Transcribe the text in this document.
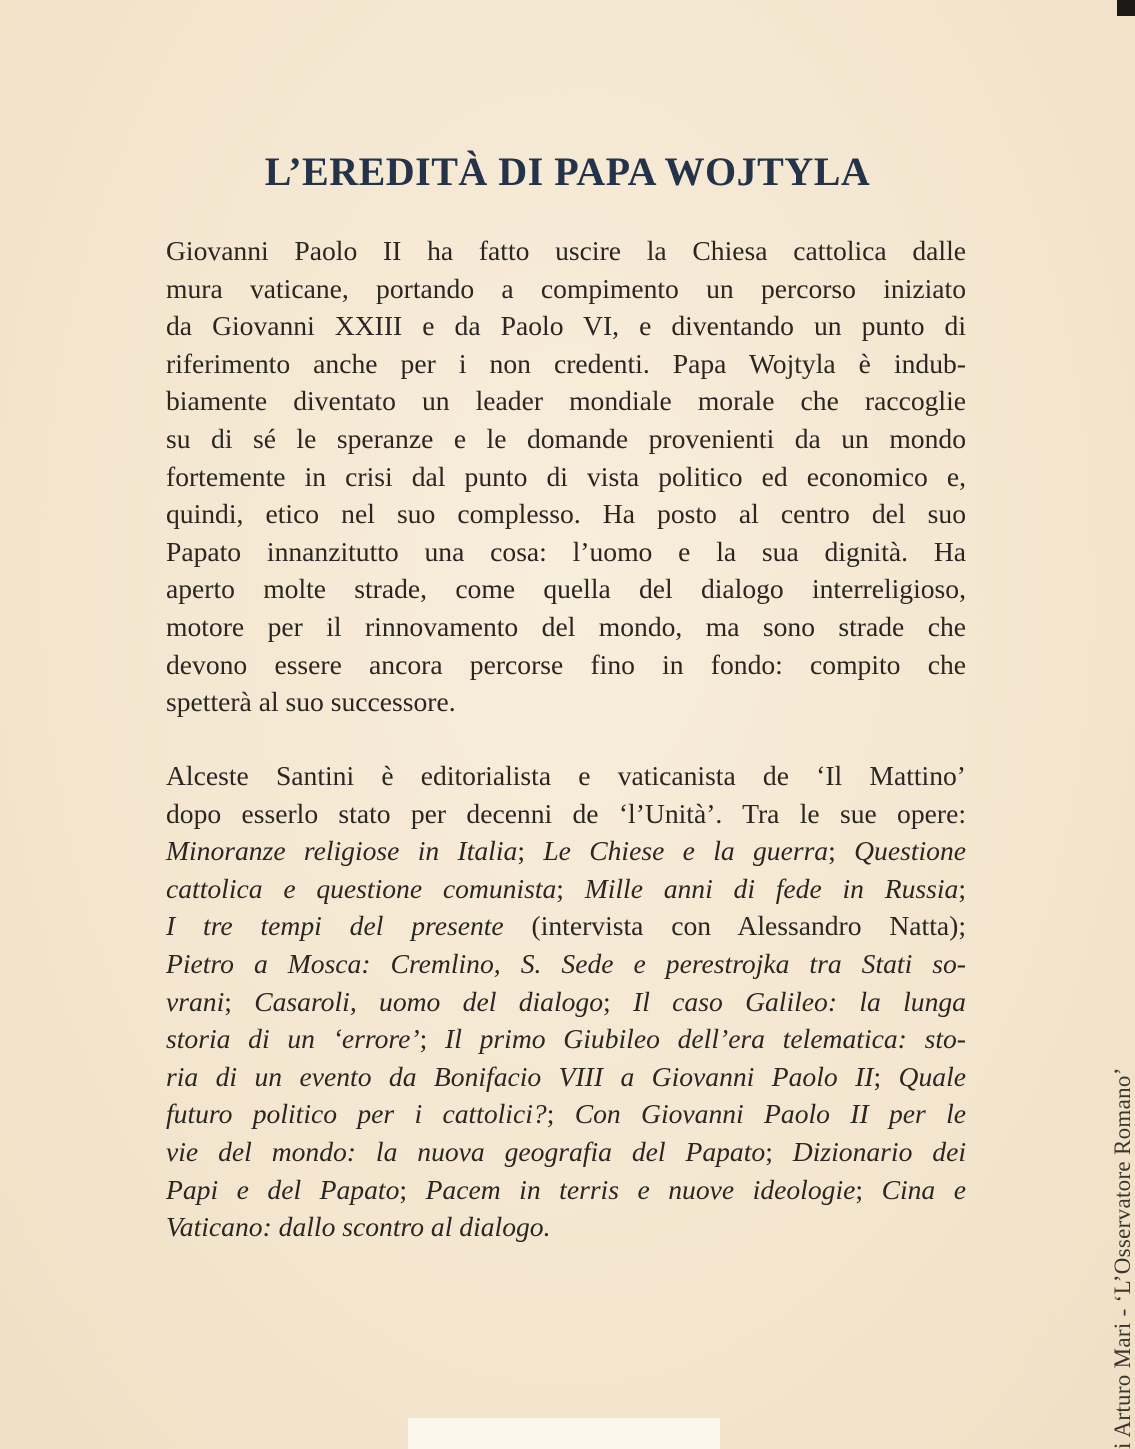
L’EREDITÀ DI PAPA WOJTYLA
Giovanni Paolo II ha fatto uscire la Chiesa cattolica dalle
mura vaticane, portando a compimento un percorso iniziato
da Giovanni XXIII e da Paolo VI, e diventando un punto di
riferimento anche per i non credenti. Papa Wojtyla è indub-
biamente diventato un leader mondiale morale che raccoglie
su di sé le speranze e le domande provenienti da un mondo
fortemente in crisi dal punto di vista politico ed economico e,
quindi, etico nel suo complesso. Ha posto al centro del suo
Papato innanzitutto una cosa: l’uomo e la sua dignità. Ha
aperto molte strade, come quella del dialogo interreligioso,
motore per il rinnovamento del mondo, ma sono strade che
devono essere ancora percorse fino in fondo: compito che
spetterà al suo successore.
Alceste Santini è editorialista e vaticanista de ‘Il Mattino’
dopo esserlo stato per decenni de ‘l’Unità’. Tra le sue opere:
Minoranze religiose in Italia; Le Chiese e la guerra; Questione
cattolica e questione comunista; Mille anni di fede in Russia;
I tre tempi del presente (intervista con Alessandro Natta);
Pietro a Mosca: Cremlino, S. Sede e perestrojka tra Stati so-
vrani; Casaroli, uomo del dialogo; Il caso Galileo: la lunga
storia di un ‘errore’; Il primo Giubileo dell’era telematica: sto-
ria di un evento da Bonifacio VIII a Giovanni Paolo II; Quale
futuro politico per i cattolici?; Con Giovanni Paolo II per le
vie del mondo: la nuova geografia del Papato; Dizionario dei
Papi e del Papato; Pacem in terris e nuove ideologie; Cina e
Vaticano: dallo scontro al dialogo.	i Arturo Mari - ‘L’Osservatore Romano’
